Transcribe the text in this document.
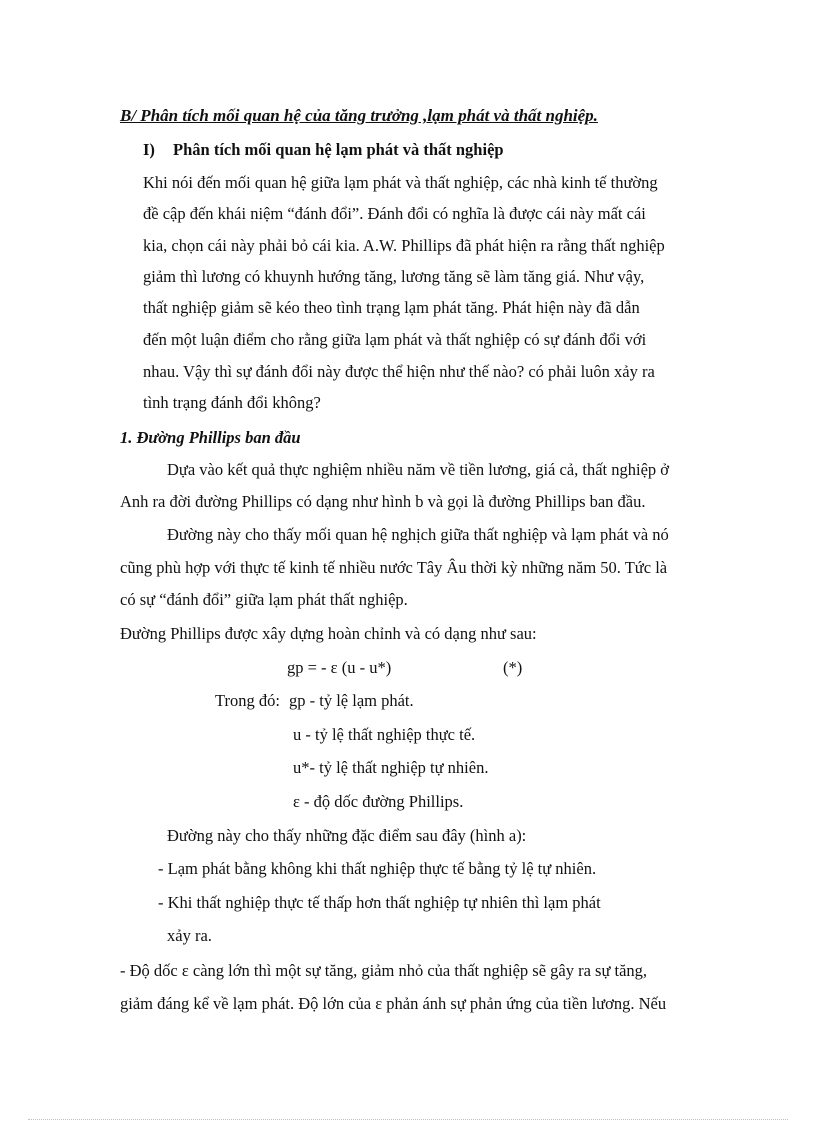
B/ Phân tích mối quan hệ của tăng trưởng ,lạm phát và thất nghiệp.
I) Phân tích mối quan hệ lạm phát và thất nghiệp
Khi nói đến mối quan hệ giữa lạm phát và thất nghiệp, các nhà kinh tế thường
đề cập đến khái niệm “đánh đổi”. Đánh đổi có nghĩa là được cái này mất cái
kia, chọn cái này phải bỏ cái kia. A.W. Phillips đã phát hiện ra rằng thất nghiệp
giảm thì lương có khuynh hướng tăng, lương tăng sẽ làm tăng giá. Như vậy,
thất nghiệp giảm sẽ kéo theo tình trạng lạm phát tăng. Phát hiện này đã dẫn
đến một luận điểm cho rằng giữa lạm phát và thất nghiệp có sự đánh đổi với
nhau. Vậy thì sự đánh đổi này được thể hiện như thế nào? có phải luôn xảy ra
tình trạng đánh đổi không?
1. Đường Phillips ban đầu
Dựa vào kết quả thực nghiệm nhiều năm về tiền lương, giá cả, thất nghiệp ở
Anh ra đời đường Phillips có dạng như hình b và gọi là đường Phillips ban đầu.
Đường này cho thấy mối quan hệ nghịch giữa thất nghiệp và lạm phát và nó
cũng phù hợp với thực tế kinh tế nhiều nước Tây Âu thời kỳ những năm 50. Tức là
có sự “đánh đổi” giữa lạm phát thất nghiệp.
Đường Phillips được xây dựng hoàn chỉnh và có dạng như sau:
gp = - ε (u - u*)	(*)
Trong đó: gp - tỷ lệ lạm phát.
u - tỷ lệ thất nghiệp thực tế.
u*- tỷ lệ thất nghiệp tự nhiên.
ε - độ dốc đường Phillips.
Đường này cho thấy những đặc điểm sau đây (hình a):
- Lạm phát bằng không khi thất nghiệp thực tế bằng tỷ lệ tự nhiên.
- Khi thất nghiệp thực tế thấp hơn thất nghiệp tự nhiên thì lạm phát
xảy ra.
- Độ dốc ε càng lớn thì một sự tăng, giảm nhỏ của thất nghiệp sẽ gây ra sự tăng,
giảm đáng kể về lạm phát. Độ lớn của ε phản ánh sự phản ứng của tiền lương. Nếu
